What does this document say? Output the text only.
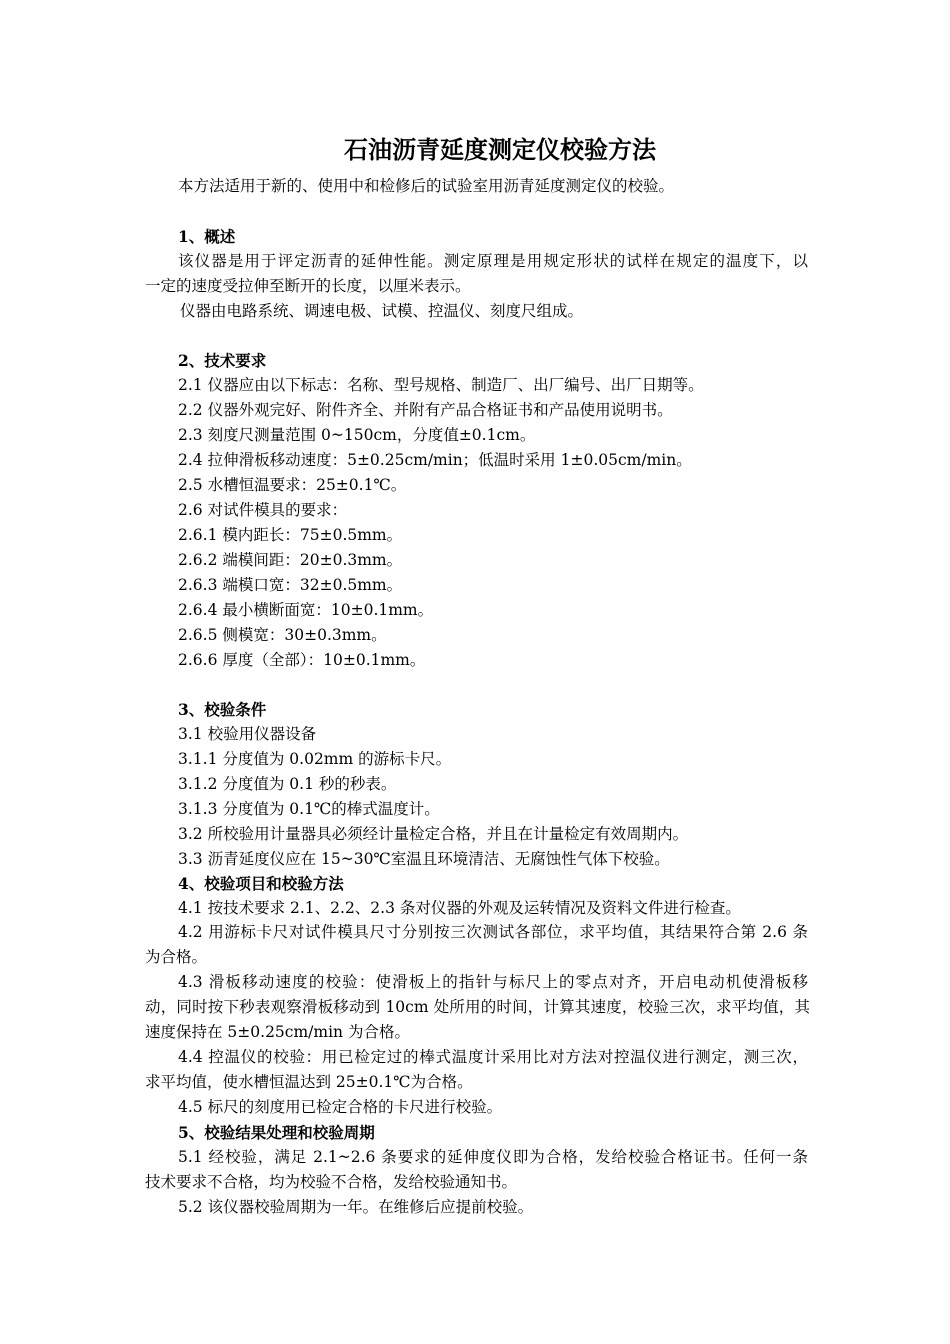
石油沥青延度测定仪校验方法
本方法适用于新的、使用中和检修后的试验室用沥青延度测定仪的校验。
1、概述
该仪器是用于评定沥青的延伸性能。测定原理是用规定形状的试样在规定的温度下，以
一定的速度受拉伸至断开的长度，以厘米表示。
仪器由电路系统、调速电极、试模、控温仪、刻度尺组成。
2、技术要求
2.1 仪器应由以下标志：名称、型号规格、制造厂、出厂编号、出厂日期等。
2.2 仪器外观完好、附件齐全、并附有产品合格证书和产品使用说明书。
2.3 刻度尺测量范围 0~150cm，分度值±0.1cm。
2.4 拉伸滑板移动速度：5±0.25cm/min；低温时采用 1±0.05cm/min。
2.5 水槽恒温要求：25±0.1℃。
2.6 对试件模具的要求：
2.6.1 模内距长：75±0.5mm。
2.6.2 端模间距：20±0.3mm。
2.6.3 端模口宽：32±0.5mm。
2.6.4 最小横断面宽：10±0.1mm。
2.6.5 侧模宽：30±0.3mm。
2.6.6 厚度（全部）：10±0.1mm。
3、校验条件
3.1 校验用仪器设备
3.1.1 分度值为 0.02mm 的游标卡尺。
3.1.2 分度值为 0.1 秒的秒表。
3.1.3 分度值为 0.1℃的棒式温度计。
3.2 所校验用计量器具必须经计量检定合格，并且在计量检定有效周期内。
3.3 沥青延度仪应在 15~30℃室温且环境清洁、无腐蚀性气体下校验。
4、校验项目和校验方法
4.1 按技术要求 2.1、2.2、2.3 条对仪器的外观及运转情况及资料文件进行检查。
4.2 用游标卡尺对试件模具尺寸分别按三次测试各部位，求平均值，其结果符合第 2.6 条
为合格。
4.3 滑板移动速度的校验：使滑板上的指针与标尺上的零点对齐，开启电动机使滑板移
动，同时按下秒表观察滑板移动到 10cm 处所用的时间，计算其速度，校验三次，求平均值，其
速度保持在 5±0.25cm/min 为合格。
4.4 控温仪的校验：用已检定过的棒式温度计采用比对方法对控温仪进行测定，测三次，
求平均值，使水槽恒温达到 25±0.1℃为合格。
4.5 标尺的刻度用已检定合格的卡尺进行校验。
5、校验结果处理和校验周期
5.1 经校验，满足 2.1~2.6 条要求的延伸度仪即为合格，发给校验合格证书。任何一条
技术要求不合格，均为校验不合格，发给校验通知书。
5.2 该仪器校验周期为一年。在维修后应提前校验。
